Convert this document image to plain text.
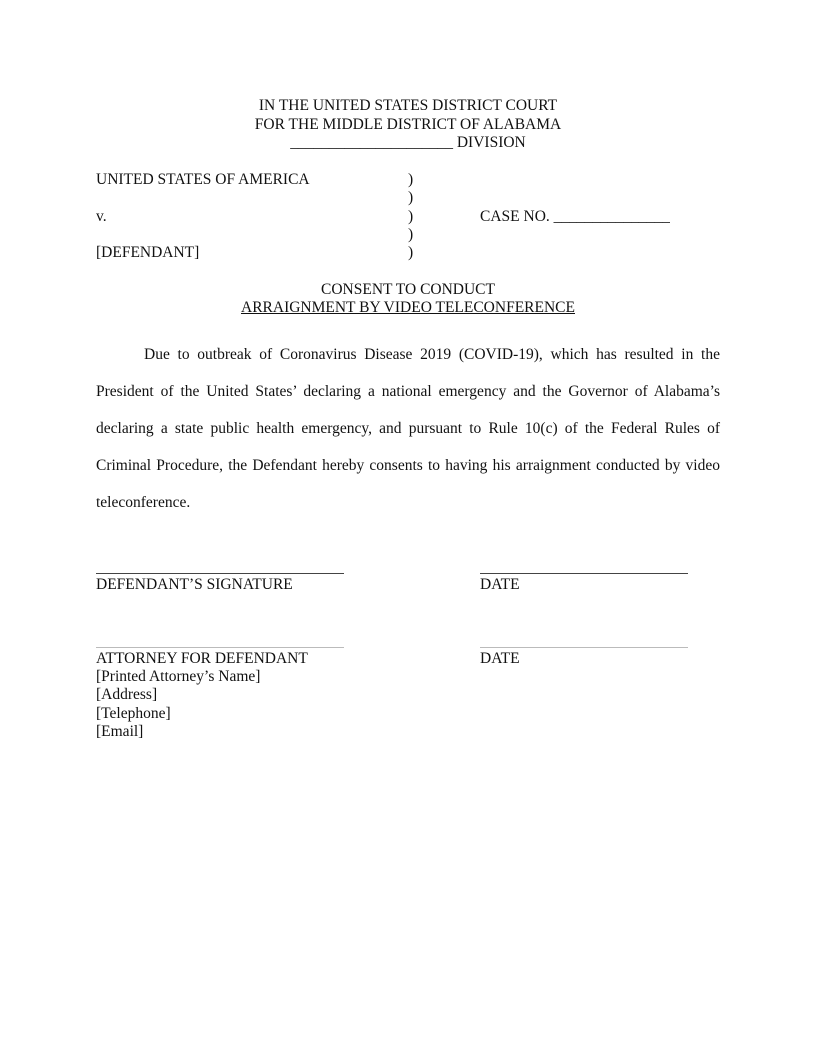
IN THE UNITED STATES DISTRICT COURT
FOR THE MIDDLE DISTRICT OF ALABAMA
_____________________ DIVISION
UNITED STATES OF AMERICA
v.
[DEFENDANT]
)
)
)
)
)
CASE NO. _______________
CONSENT TO CONDUCT
ARRAIGNMENT BY VIDEO TELECONFERENCE

Due to outbreak of Coronavirus Disease 2019 (COVID-19), which has resulted in the President of the United States’ declaring a national emergency and the Governor of Alabama’s declaring a state public health emergency, and pursuant to Rule 10(c) of the Federal Rules of Criminal Procedure, the Defendant hereby consents to having his arraignment conducted by video teleconference.

DEFENDANT’S SIGNATURE	DATE
ATTORNEY FOR DEFENDANT	DATE
[Printed Attorney’s Name]
[Address]
[Telephone]
[Email]
